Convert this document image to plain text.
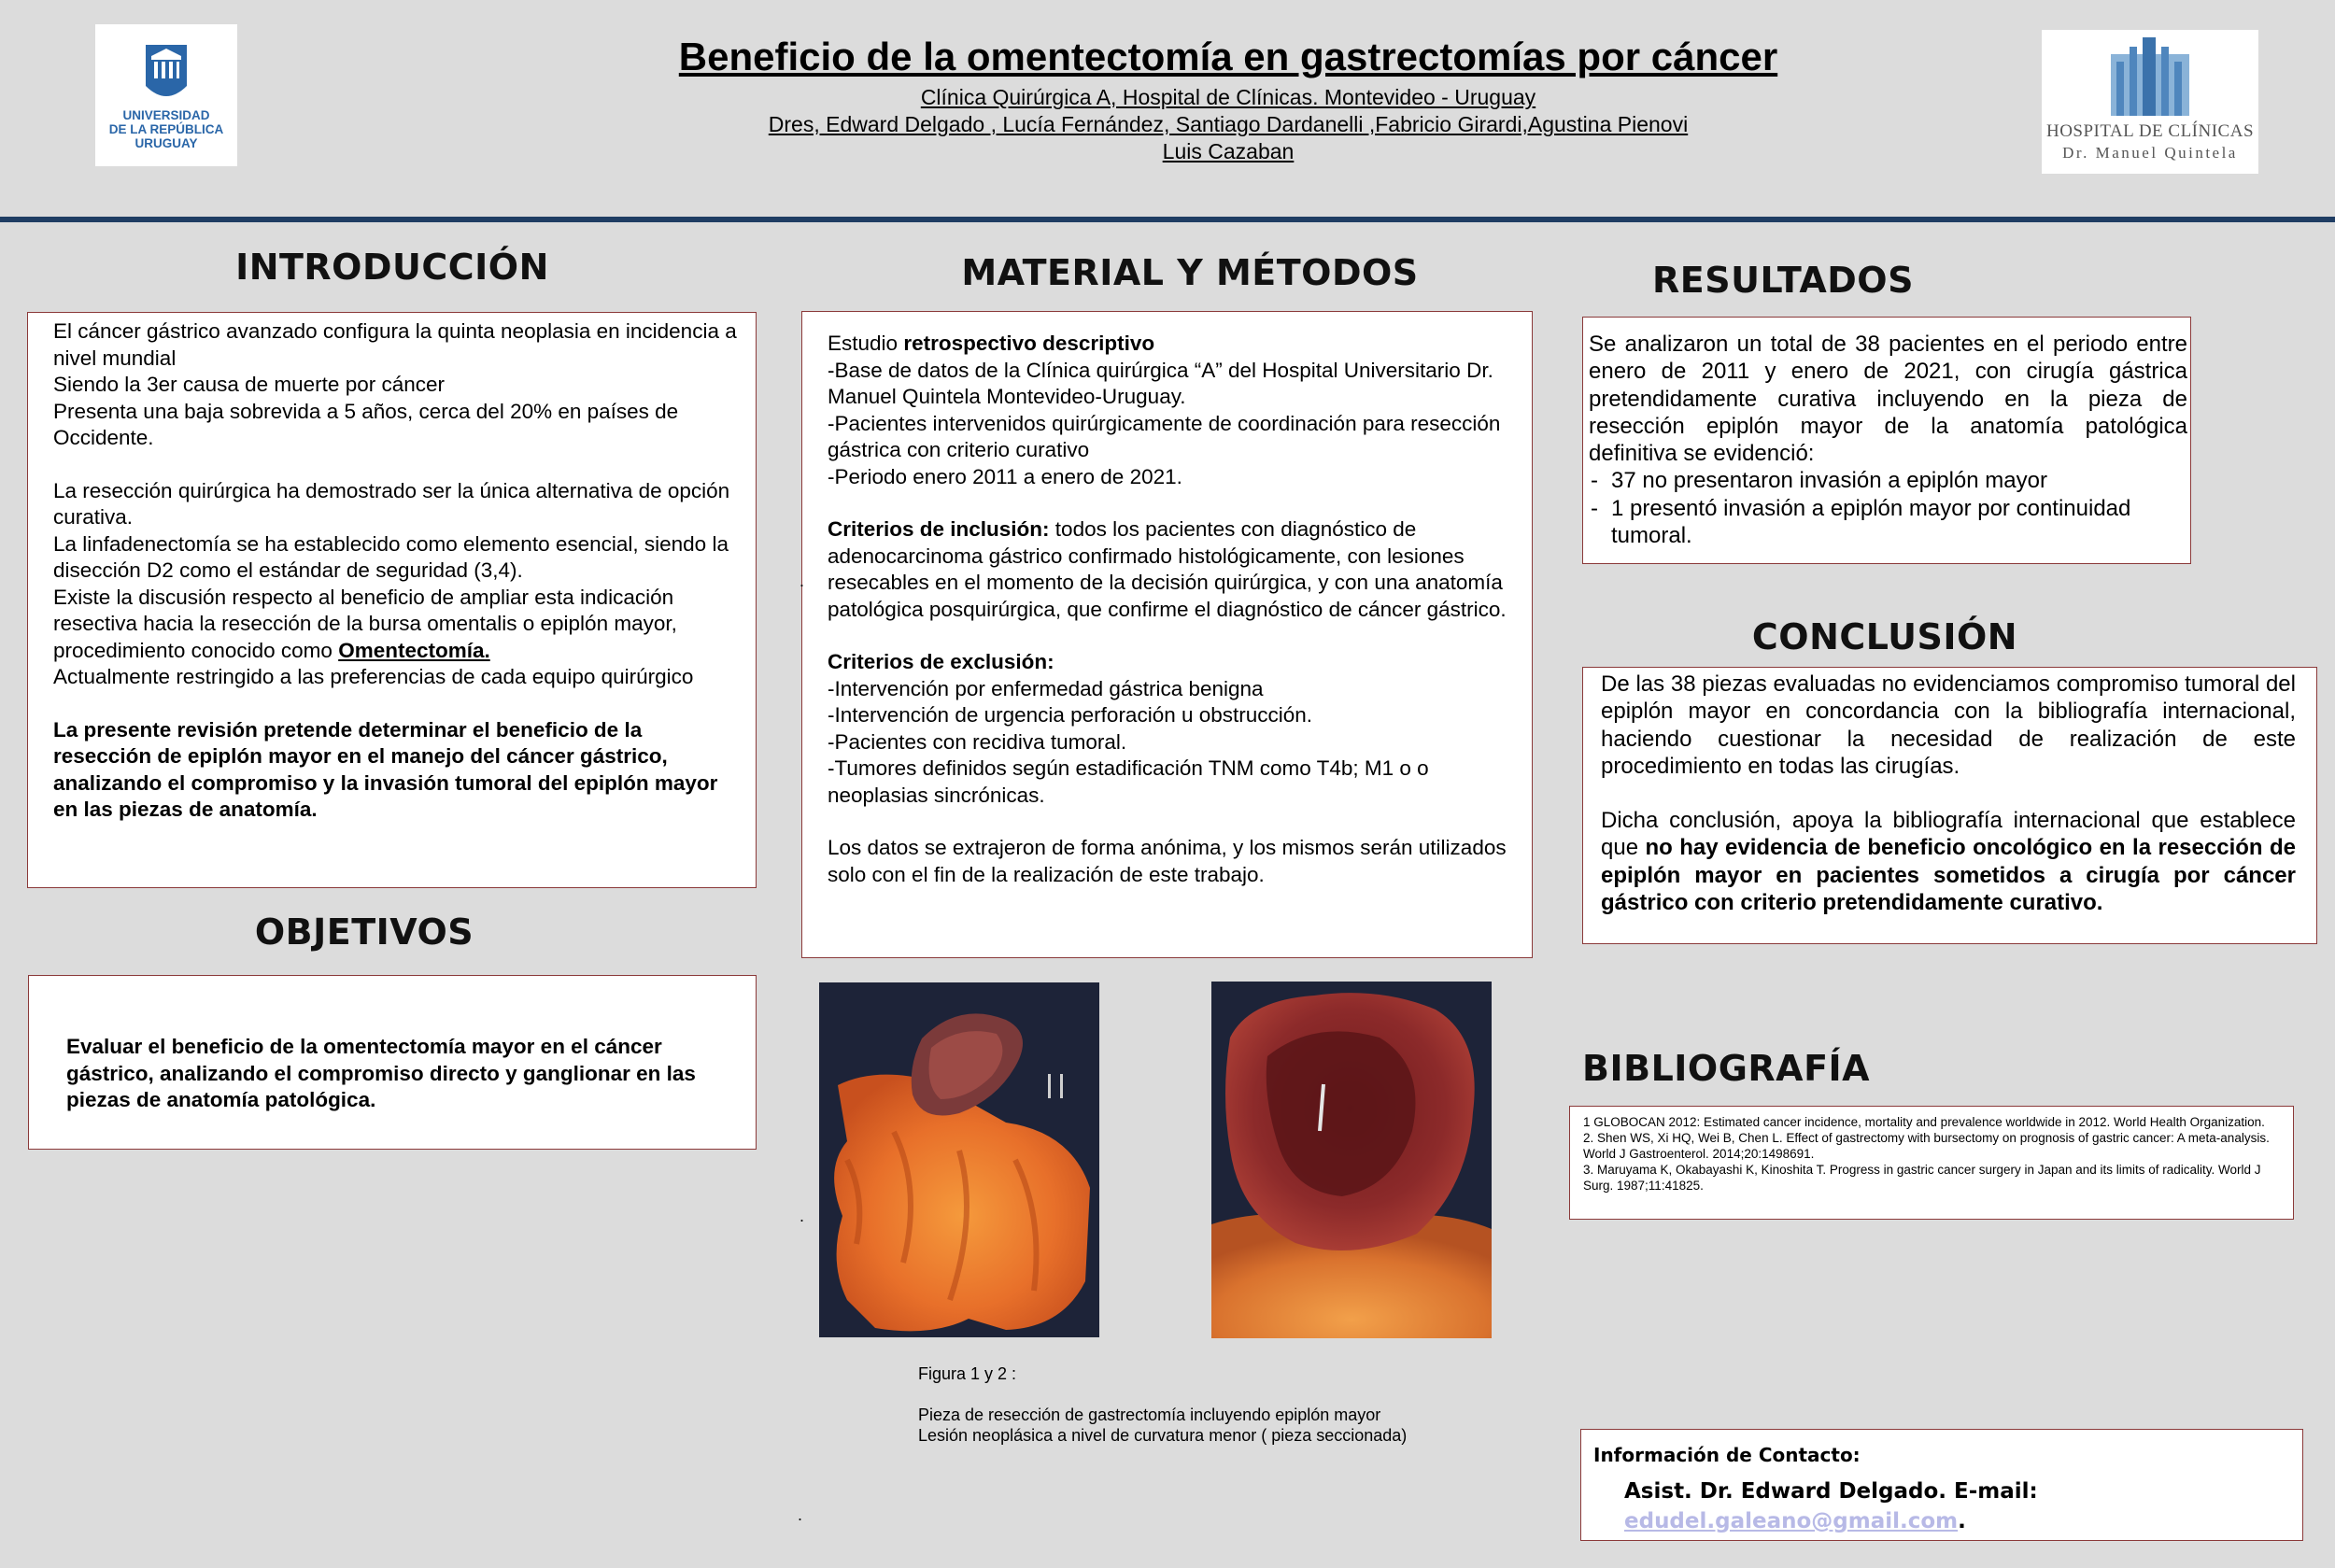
UNIVERSIDAD
DE LA REPÚBLICA
URUGUAY
Beneficio de la omentectomía en gastrectomías por cáncer
Clínica Quirúrgica A, Hospital de Clínicas. Montevideo - Uruguay
Dres, Edward Delgado , Lucía Fernández, Santiago Dardanelli ,Fabricio Girardi,Agustina Pienovi
Luis Cazaban
HOSPITAL DE CLÍNICAS
Dr. Manuel Quintela
INTRODUCCIÓN

El cáncer gástrico avanzado configura la quinta neoplasia en incidencia a nivel mundial

Siendo la 3er causa de muerte por cáncer

Presenta una baja sobrevida a 5 años, cerca del 20% en países de Occidente.

La resección quirúrgica ha demostrado ser la única alternativa de opción curativa.

La linfadenectomía se ha establecido como elemento esencial, siendo la disección D2 como el estándar de seguridad (3,4).

Existe la discusión respecto al beneficio de ampliar esta indicación resectiva hacia la resección de la bursa omentalis o epiplón mayor, procedimiento conocido como Omentectomía.

Actualmente restringido a las preferencias de cada equipo quirúrgico

La presente revisión pretende determinar el beneficio de la resección de epiplón mayor en el manejo del cáncer gástrico, analizando el compromiso y la invasión tumoral del epiplón mayor en las piezas de anatomía.

OBJETIVOS

Evaluar el beneficio de la omentectomía mayor en el cáncer gástrico, analizando el compromiso directo y ganglionar en las piezas de anatomía patológica.

MATERIAL Y MÉTODOS

Estudio retrospectivo descriptivo

-Base de datos de la Clínica quirúrgica “A” del Hospital Universitario Dr. Manuel Quintela Montevideo-Uruguay.

-Pacientes intervenidos quirúrgicamente de coordinación para resección gástrica con criterio curativo

-Periodo enero 2011 a enero de 2021.

Criterios de inclusión: todos los pacientes con diagnóstico de adenocarcinoma gástrico confirmado histológicamente, con lesiones resecables en el momento de la decisión quirúrgica, y con una anatomía patológica posquirúrgica, que confirme el diagnóstico de cáncer gástrico.

Criterios de exclusión:

-Intervención por enfermedad gástrica benigna

-Intervención de urgencia perforación u obstrucción.

-Pacientes con recidiva tumoral.

-Tumores definidos según estadificación TNM como T4b; M1 o o neoplasias sincrónicas.

Los datos se extrajeron de forma anónima, y los mismos serán utilizados solo con el fin de la realización de este trabajo.

Figura 1 y 2 :
Pieza de resección de gastrectomía incluyendo epiplón mayor
Lesión neoplásica a nivel de curvatura menor ( pieza seccionada)
.
.
.
RESULTADOS

Se analizaron un total de 38 pacientes en el periodo entre enero de 2011 y enero de 2021, con cirugía gástrica pretendidamente curativa incluyendo en la pieza de resección epiplón mayor de la anatomía patológica definitiva se evidenció:

- 37 no presentaron invasión a epiplón mayor
- 1 presentó invasión a epiplón mayor por continuidad tumoral.
CONCLUSIÓN

De las 38 piezas evaluadas no evidenciamos compromiso tumoral del epiplón mayor en concordancia con la bibliografía internacional, haciendo cuestionar la necesidad de realización de este procedimiento en todas las cirugías.

Dicha conclusión, apoya la bibliografía internacional que establece que no hay evidencia de beneficio oncológico en la resección de epiplón mayor en pacientes sometidos a cirugía por cáncer gástrico con criterio pretendidamente curativo.

BIBLIOGRAFÍA

1 GLOBOCAN 2012: Estimated cancer incidence, mortality and prevalence worldwide in 2012. World Health Organization.

2. Shen WS, Xi HQ, Wei B, Chen L. Effect of gastrectomy with bursectomy on prognosis of gastric cancer: A meta-analysis. World J Gastroenterol. 2014;20:1498691.

3. Maruyama K, Okabayashi K, Kinoshita T. Progress in gastric cancer surgery in Japan and its limits of radicality. World J Surg. 1987;11:41825.

Información de Contacto:
Asist. Dr. Edward Delgado. E-mail:
edudel.galeano@gmail.com.
